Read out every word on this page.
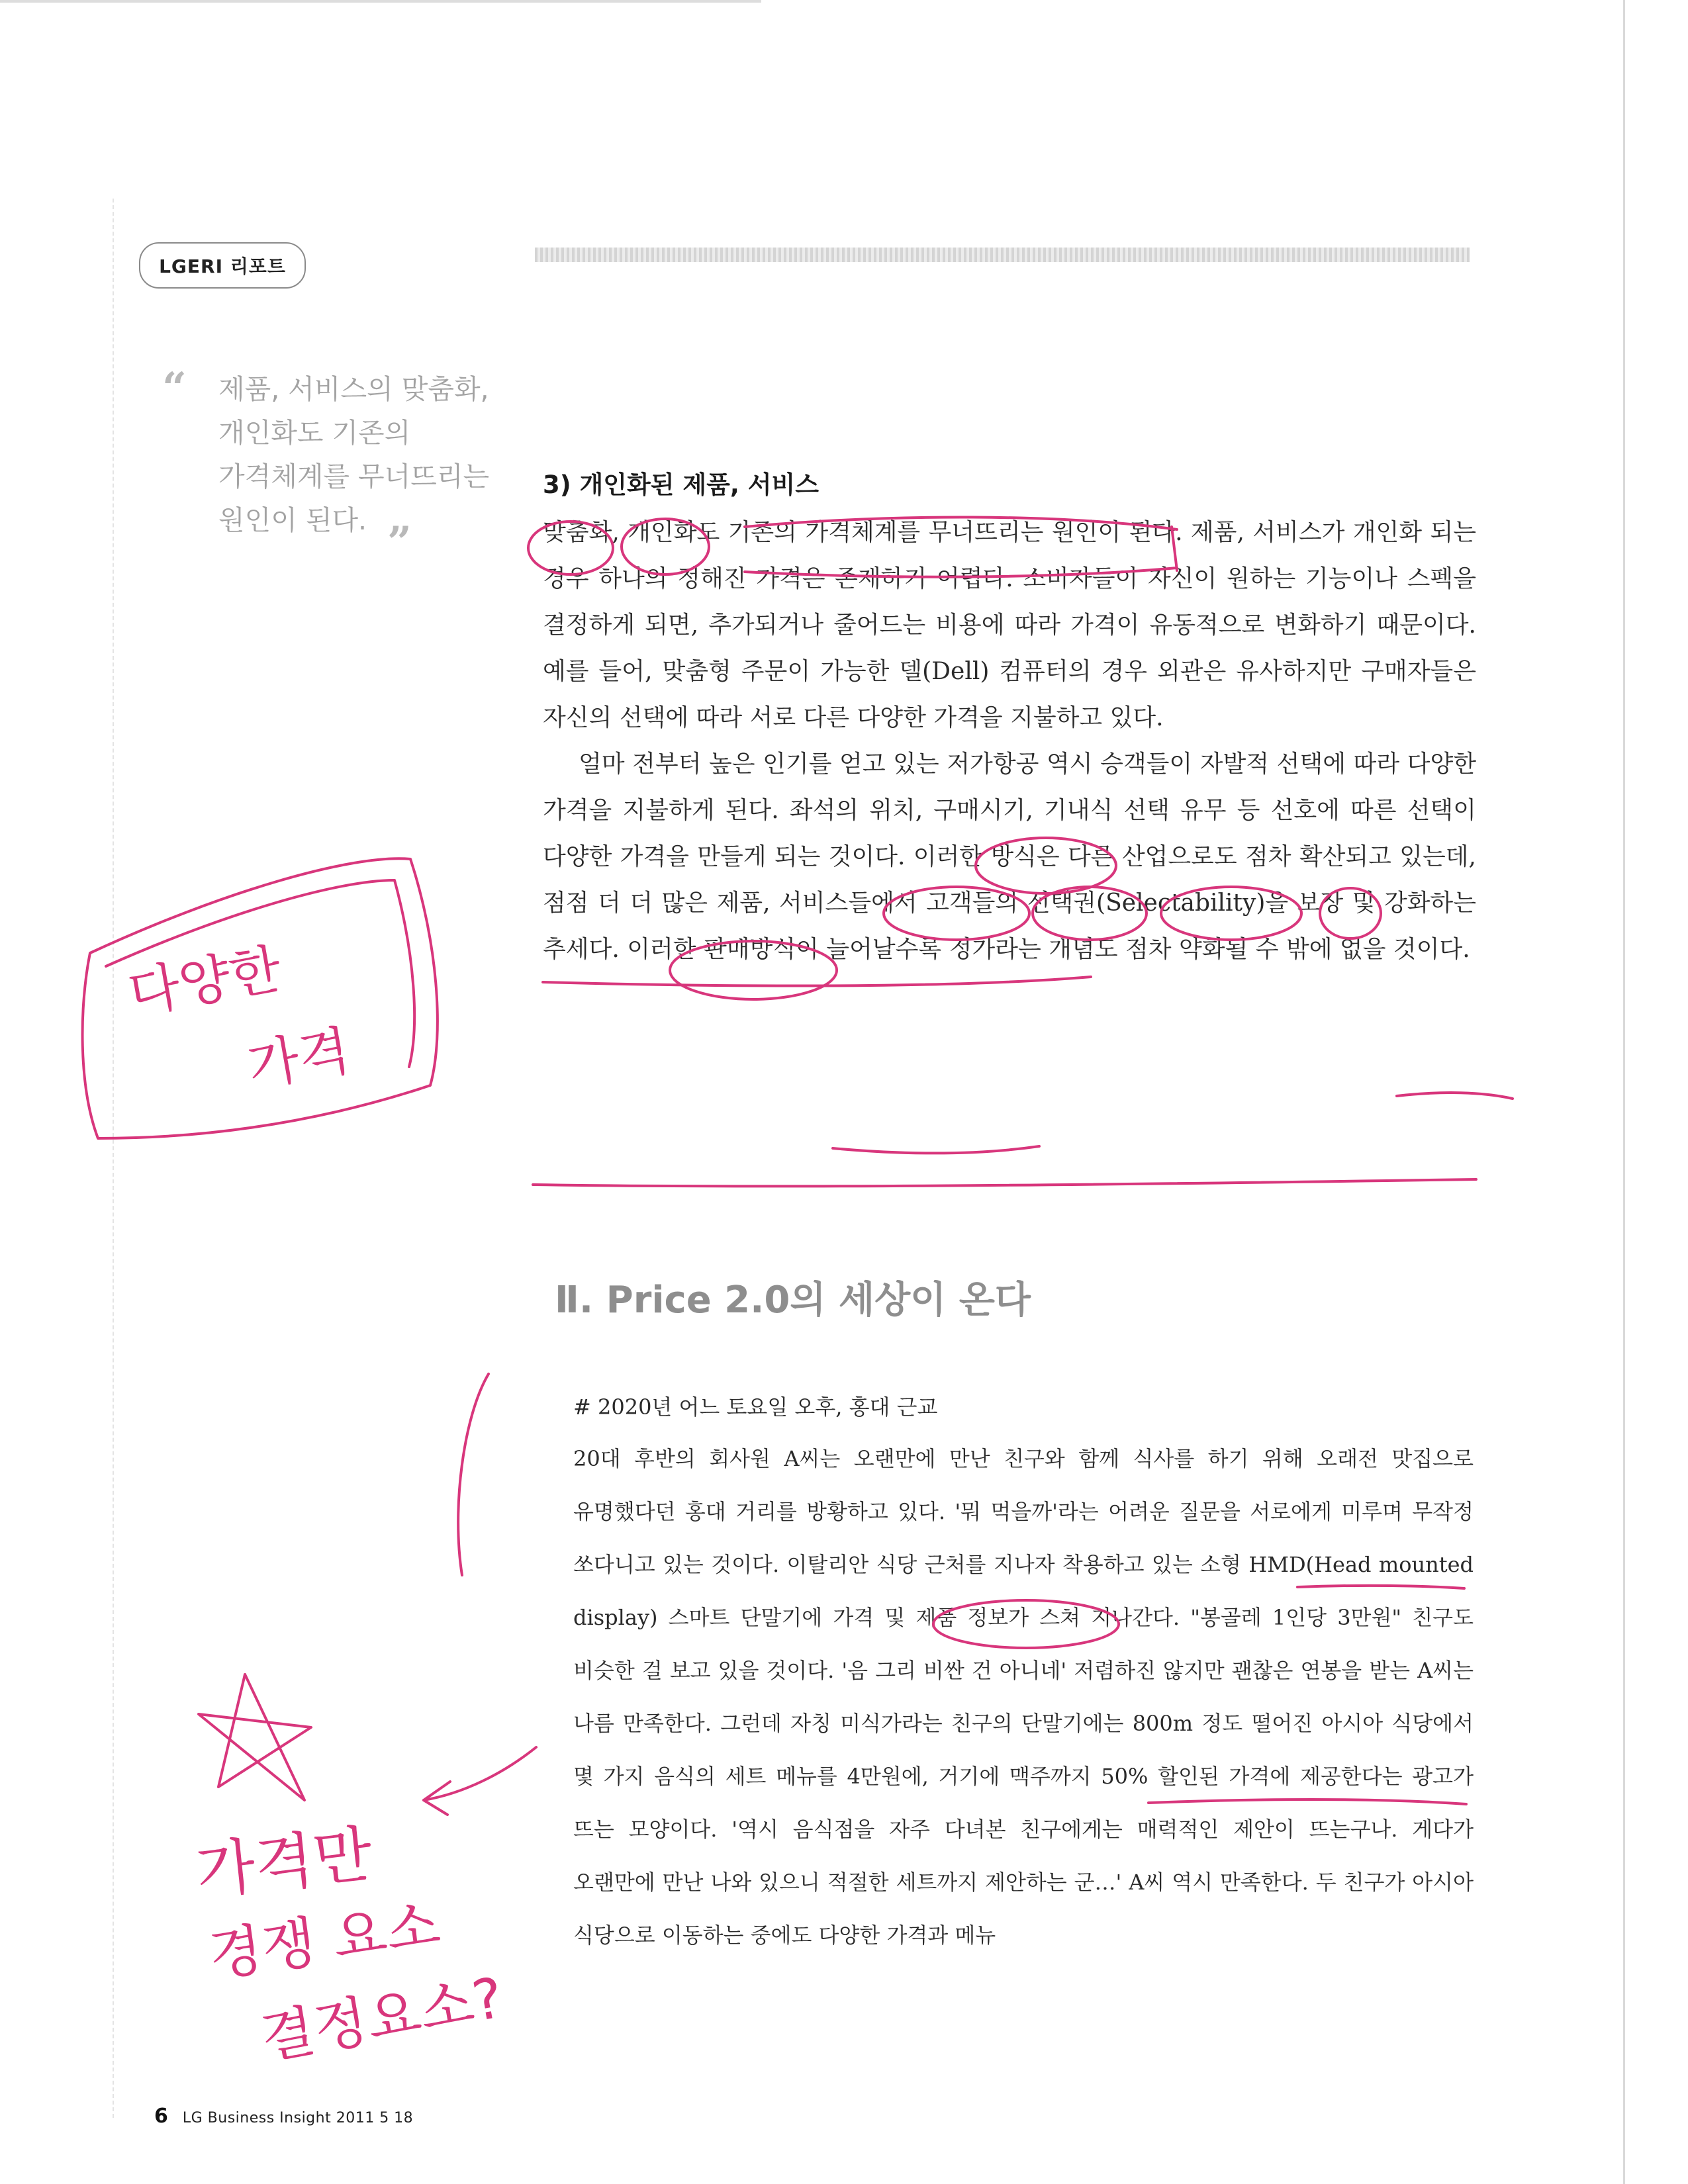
LGERI 리포트
“ 제품, 서비스의 맞춤화,
개인화도 기존의
가격체계를 무너뜨리는
원인이 된다. ”
3) 개인화된 제품, 서비스

맞춤화, 개인화도 기존의 가격체계를 무너뜨리는 원인이 된다. 제품, 서비스가 개인화 되는 경우 하나의 정해진 가격은 존재하기 어렵다. 소비자들이 자신이 원하는 기능이나 스펙을 결정하게 되면, 추가되거나 줄어드는 비용에 따라 가격이 유동적으로 변화하기 때문이다. 예를 들어, 맞춤형 주문이 가능한 델(Dell) 컴퓨터의 경우 외관은 유사하지만 구매자들은 자신의 선택에 따라 서로 다른 다양한 가격을 지불하고 있다.

얼마 전부터 높은 인기를 얻고 있는 저가항공 역시 승객들이 자발적 선택에 따라 다양한 가격을 지불하게 된다. 좌석의 위치, 구매시기, 기내식 선택 유무 등 선호에 따른 선택이 다양한 가격을 만들게 되는 것이다. 이러한 방식은 다른 산업으로도 점차 확산되고 있는데, 점점 더 더 많은 제품, 서비스들에서 고객들의 선택권(Selectability)을 보장 및 강화하는 추세다. 이러한 판매방식이 늘어날수록 정가라는 개념도 점차 약화될 수 밖에 없을 것이다.

Ⅱ. Price 2.0의 세상이 온다

# 2020년 어느 토요일 오후, 홍대 근교

20대 후반의 회사원 A씨는 오랜만에 만난 친구와 함께 식사를 하기 위해 오래전 맛집으로 유명했다던 홍대 거리를 방황하고 있다. '뭐 먹을까'라는 어려운 질문을 서로에게 미루며 무작정 쏘다니고 있는 것이다. 이탈리안 식당 근처를 지나자 착용하고 있는 소형 HMD(Head mounted display) 스마트 단말기에 가격 및 제품 정보가 스쳐 지나간다. "봉골레 1인당 3만원" 친구도 비슷한 걸 보고 있을 것이다. '음 그리 비싼 건 아니네' 저렴하진 않지만 괜찮은 연봉을 받는 A씨는 나름 만족한다. 그런데 자칭 미식가라는 친구의 단말기에는 800m 정도 떨어진 아시아 식당에서 몇 가지 음식의 세트 메뉴를 4만원에, 거기에 맥주까지 50% 할인된 가격에 제공한다는 광고가 뜨는 모양이다. '역시 음식점을 자주 다녀본 친구에게는 매력적인 제안이 뜨는구나. 게다가 오랜만에 만난 나와 있으니 적절한 세트까지 제안하는 군…' A씨 역시 만족한다. 두 친구가 아시아 식당으로 이동하는 중에도 다양한 가격과 메뉴

6 LG Business Insight 2011 5 18
다양한
가격
가격만
경쟁 요소
결정요소?
